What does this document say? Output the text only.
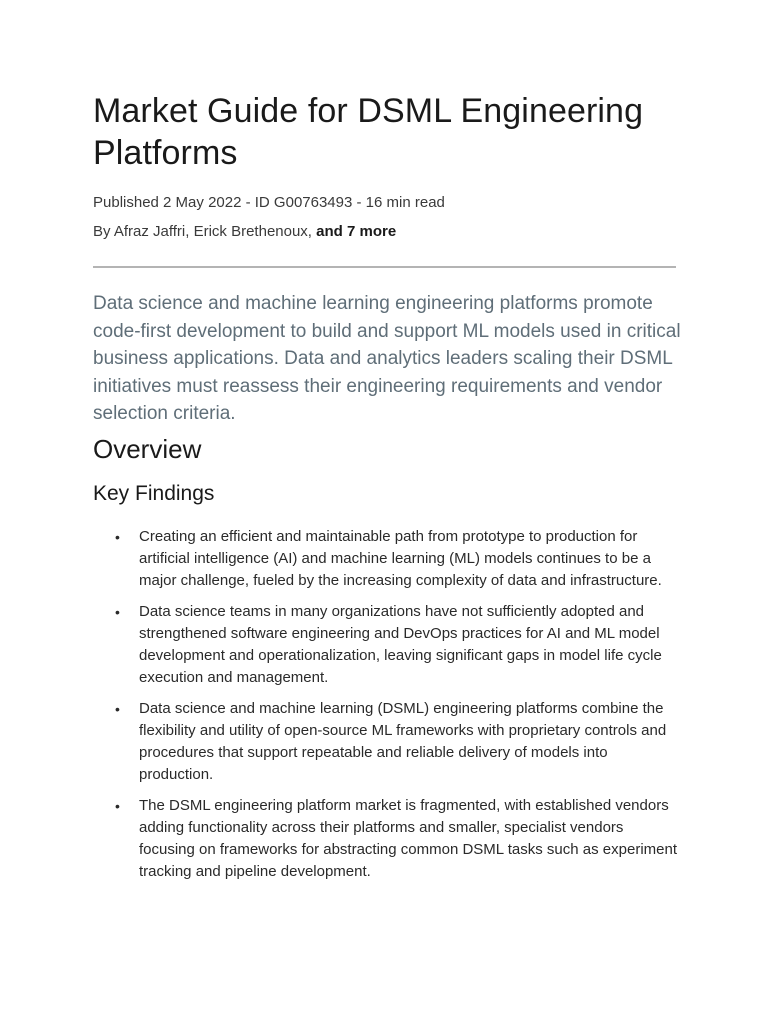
Market Guide for DSML Engineering Platforms
Published 2 May 2022 - ID G00763493 - 16 min read
By Afraz Jaffri, Erick Brethenoux, and 7 more

Data science and machine learning engineering platforms promote code-first development to build and support ML models used in critical business applications. Data and analytics leaders scaling their DSML initiatives must reassess their engineering requirements and vendor selection criteria.

Overview
Key Findings
• Creating an efficient and maintainable path from prototype to production for artificial intelligence (AI) and machine learning (ML) models continues to be a major challenge, fueled by the increasing complexity of data and infrastructure.
• Data science teams in many organizations have not sufficiently adopted and strengthened software engineering and DevOps practices for AI and ML model development and operationalization, leaving significant gaps in model life cycle execution and management.
• Data science and machine learning (DSML) engineering platforms combine the flexibility and utility of open-source ML frameworks with proprietary controls and procedures that support repeatable and reliable delivery of models into production.
• The DSML engineering platform market is fragmented, with established vendors adding functionality across their platforms and smaller, specialist vendors focusing on frameworks for abstracting common DSML tasks such as experiment tracking and pipeline development.
